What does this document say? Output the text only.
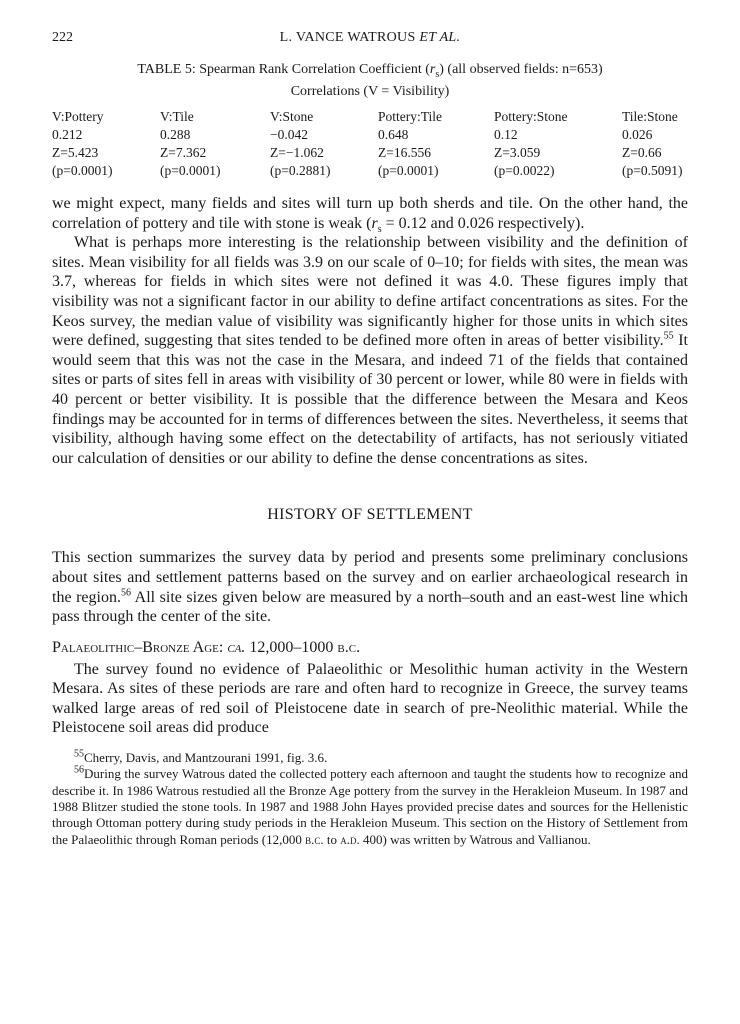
222	L. VANCE WATROUS ET AL.
TABLE 5: Spearman Rank Correlation Coefficient $(r_s)$ (all observed fields: n=653)
Correlations (V = Visibility)
V:Pottery	V:Tile	V:Stone	Pottery:Tile	Pottery:Stone	Tile:Stone
0.212	0.288	−0.042	0.648	0.12	0.026
Z=5.423	Z=7.362	Z=−1.062	Z=16.556	Z=3.059	Z=0.66
(p=0.0001)	(p=0.0001)	(p=0.2881)	(p=0.0001)	(p=0.0022)	(p=0.5091)

we might expect, many fields and sites will turn up both sherds and tile. On the other hand, the correlation of pottery and tile with stone is weak ($r_s = 0.12$ and 0.026 respectively).

What is perhaps more interesting is the relationship between visibility and the definition of sites. Mean visibility for all fields was 3.9 on our scale of 0–10; for fields with sites, the mean was 3.7, whereas for fields in which sites were not defined it was 4.0. These figures imply that visibility was not a significant factor in our ability to define artifact concentrations as sites. For the Keos survey, the median value of visibility was significantly higher for those units in which sites were defined, suggesting that sites tended to be defined more often in areas of better visibility.$^{55}$ It would seem that this was not the case in the Mesara, and indeed 71 of the fields that contained sites or parts of sites fell in areas with visibility of 30 percent or lower, while 80 were in fields with 40 percent or better visibility. It is possible that the difference between the Mesara and Keos findings may be accounted for in terms of differences between the sites. Nevertheless, it seems that visibility, although having some effect on the detectability of artifacts, has not seriously vitiated our calculation of densities or our ability to define the dense concentrations as sites.

HISTORY OF SETTLEMENT

This section summarizes the survey data by period and presents some preliminary conclusions about sites and settlement patterns based on the survey and on earlier archaeological research in the region.$^{56}$ All site sizes given below are measured by a north–south and an east-west line which pass through the center of the site.

Palaeolithic–Bronze Age: ca. 12,000–1000 b.c.

The survey found no evidence of Palaeolithic or Mesolithic human activity in the Western Mesara. As sites of these periods are rare and often hard to recognize in Greece, the survey teams walked large areas of red soil of Pleistocene date in search of pre-Neolithic material. While the Pleistocene soil areas did produce

$^{55}$Cherry, Davis, and Mantzourani 1991, fig. 3.6.

$^{56}$During the survey Watrous dated the collected pottery each afternoon and taught the students how to recognize and describe it. In 1986 Watrous restudied all the Bronze Age pottery from the survey in the Herakleion Museum. In 1987 and 1988 Blitzer studied the stone tools. In 1987 and 1988 John Hayes provided precise dates and sources for the Hellenistic through Ottoman pottery during study periods in the Herakleion Museum. This section on the History of Settlement from the Palaeolithic through Roman periods (12,000 b.c. to a.d. 400) was written by Watrous and Vallianou.
